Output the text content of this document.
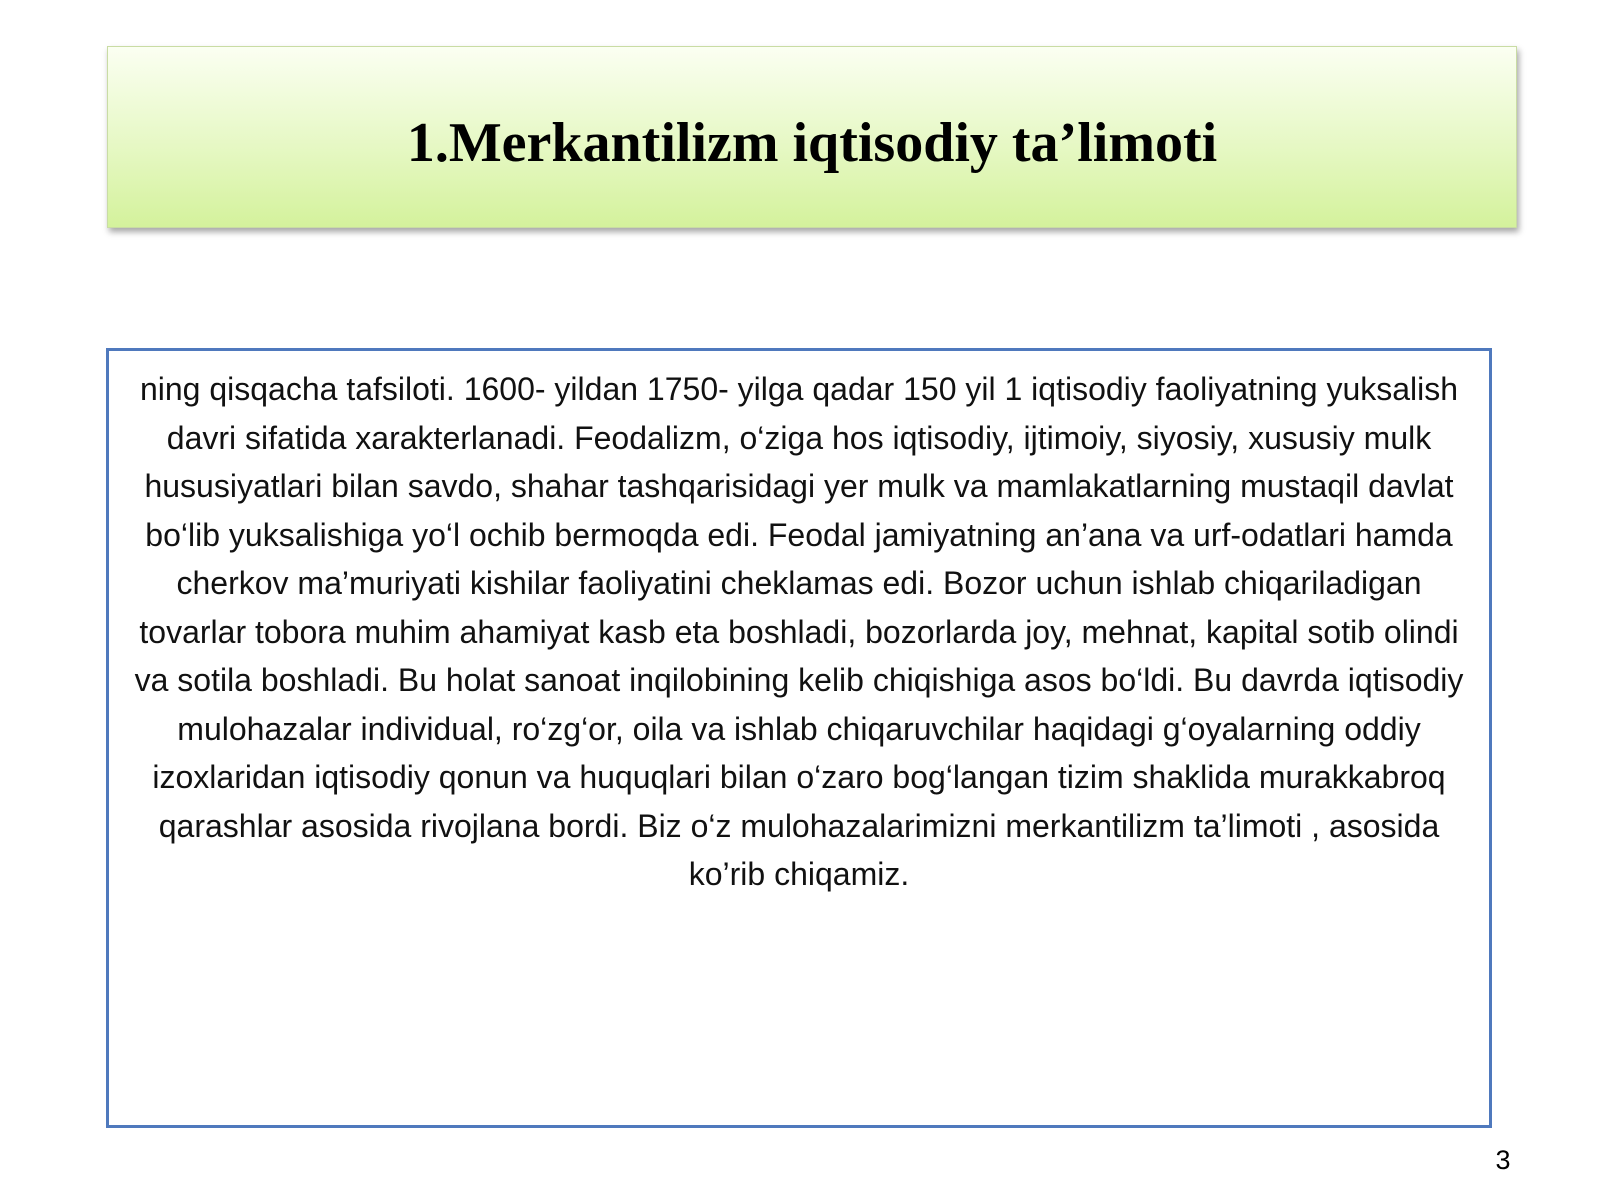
1.Merkantilizm iqtisodiy ta’limoti

ning qisqacha tafsiloti. 1600- yildan 1750- yilga qadar 150 yil 1 iqtisodiy faoliyatning yuksalish davri sifatida xarakterlanadi. Feodalizm, o‘ziga hos iqtisodiy, ijtimoiy, siyosiy, xususiy mulk hususiyatlari bilan savdo, shahar tashqarisidagi yer mulk va mamlakatlarning mustaqil davlat bo‘lib yuksalishiga yo‘l ochib bermoqda edi. Feodal jamiyatning an’ana va urf-odatlari hamda cherkov ma’muriyati kishilar faoliyatini cheklamas edi. Bozor uchun ishlab chiqariladigan tovarlar tobora muhim ahamiyat kasb eta boshladi, bozorlarda joy, mehnat, kapital sotib olindi va sotila boshladi. Bu holat sanoat inqilobining kelib chiqishiga asos bo‘ldi. Bu davrda iqtisodiy mulohazalar individual, ro‘zg‘or, oila va ishlab chiqaruvchilar haqidagi g‘oyalarning oddiy izoxlaridan iqtisodiy qonun va huquqlari bilan o‘zaro bog‘langan tizim shaklida murakkabroq qarashlar asosida rivojlana bordi. Biz o‘z mulohazalarimizni merkantilizm ta’limoti , asosida ko’rib chiqamiz.

3
